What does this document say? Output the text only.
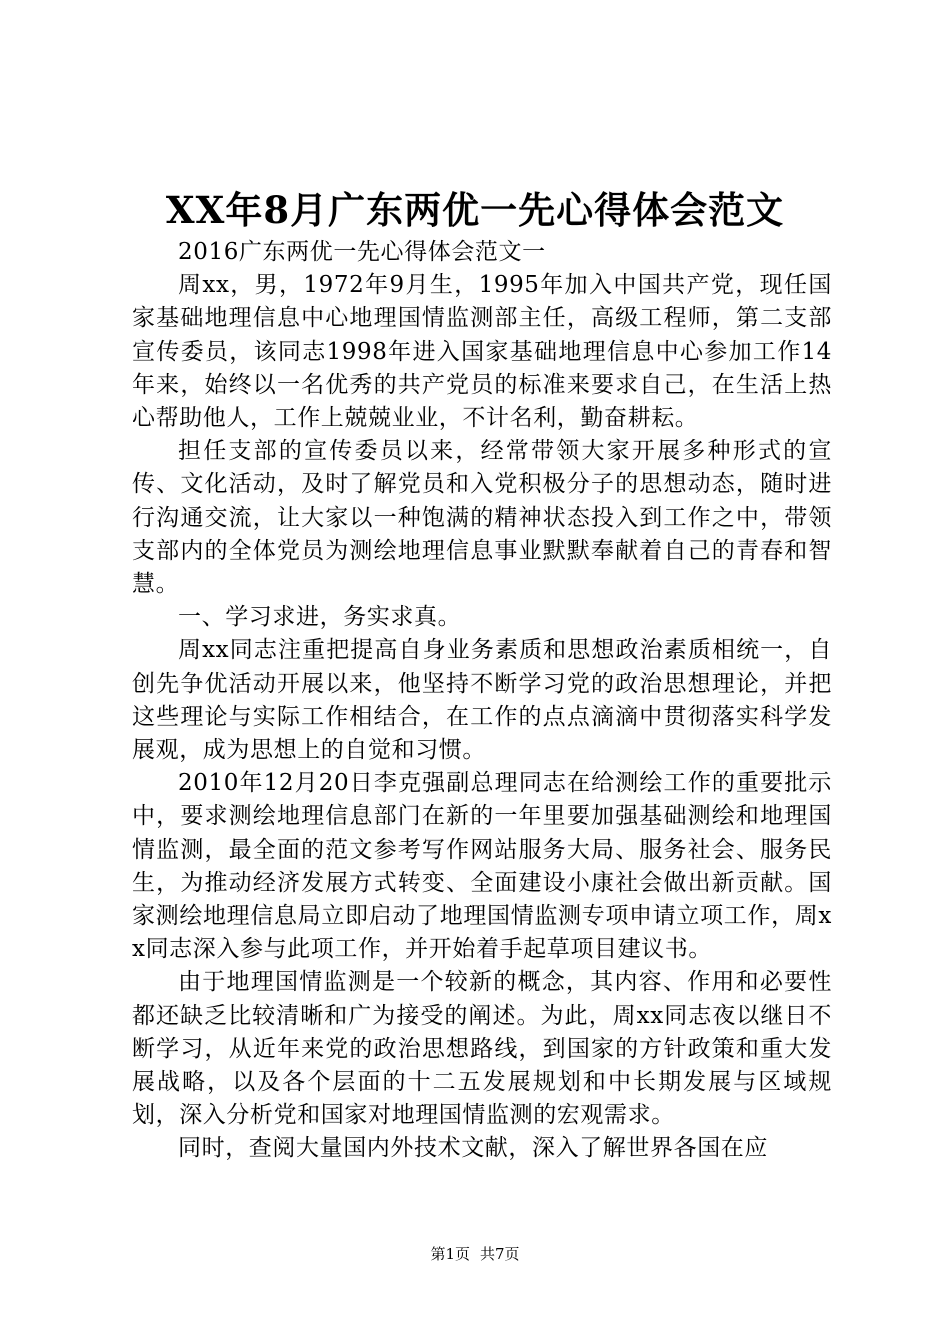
XX年8月广东两优一先心得体会范文

2016广东两优一先心得体会范文一

周xx，男，1972年9月生，1995年加入中国共产党，现任国家基础地理信息中心地理国情监测部主任，高级工程师，第二支部宣传委员，该同志1998年进入国家基础地理信息中心参加工作14年来，始终以一名优秀的共产党员的标准来要求自己，在生活上热心帮助他人，工作上兢兢业业，不计名利，勤奋耕耘。

担任支部的宣传委员以来，经常带领大家开展多种形式的宣传、文化活动，及时了解党员和入党积极分子的思想动态，随时进行沟通交流，让大家以一种饱满的精神状态投入到工作之中，带领支部内的全体党员为测绘地理信息事业默默奉献着自己的青春和智慧。

一、学习求进，务实求真。

周xx同志注重把提高自身业务素质和思想政治素质相统一，自创先争优活动开展以来，他坚持不断学习党的政治思想理论，并把这些理论与实际工作相结合，在工作的点点滴滴中贯彻落实科学发展观，成为思想上的自觉和习惯。

2010年12月20日李克强副总理同志在给测绘工作的重要批示中，要求测绘地理信息部门在新的一年里要加强基础测绘和地理国情监测，最全面的范文参考写作网站服务大局、服务社会、服务民生，为推动经济发展方式转变、全面建设小康社会做出新贡献。国家测绘地理信息局立即启动了地理国情监测专项申请立项工作，周xx同志深入参与此项工作，并开始着手起草项目建议书。

由于地理国情监测是一个较新的概念，其内容、作用和必要性都还缺乏比较清晰和广为接受的阐述。为此，周xx同志夜以继日不断学习，从近年来党的政治思想路线，到国家的方针政策和重大发展战略，以及各个层面的十二五发展规划和中长期发展与区域规划，深入分析党和国家对地理国情监测的宏观需求。

同时，查阅大量国内外技术文献，深入了解世界各国在应

第1页 共7页
